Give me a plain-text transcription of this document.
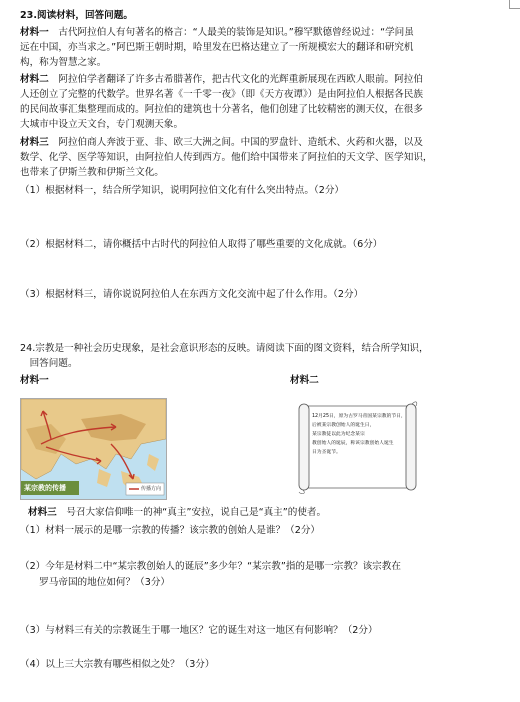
23.阅读材料，回答问题。
材料一　古代阿拉伯人有句著名的格言：“人最美的装饰是知识。”穆罕默德曾经说过：“学问虽
远在中国，亦当求之。”阿巴斯王朝时期，哈里发在巴格达建立了一所规模宏大的翻译和研究机
构，称为智慧之家。
材料二　阿拉伯学者翻译了许多古希腊著作，把古代文化的光辉重新展现在西欧人眼前。阿拉伯
人还创立了完整的代数学。世界名著《一千零一夜》（即《天方夜谭》）是由阿拉伯人根据各民族
的民间故事汇集整理而成的。阿拉伯的建筑也十分著名，他们创建了比较精密的测天仪，在很多
大城市中设立天文台，专门观测天象。
材料三　阿拉伯商人奔波于亚、非、欧三大洲之间。中国的罗盘针、造纸术、火药和火器，以及
数学、化学、医学等知识，由阿拉伯人传到西方。他们给中国带来了阿拉伯的天文学、医学知识，
也带来了伊斯兰教和伊斯兰文化。
（1）根据材料一，结合所学知识，说明阿拉伯文化有什么突出特点。（2分）
（2）根据材料二，请你概括中古时代的阿拉伯人取得了哪些重要的文化成就。（6分）
（3）根据材料三，请你说说阿拉伯人在东西方文化交流中起了什么作用。（2分）
24.宗教是一种社会历史现象，是社会意识形态的反映。请阅读下面的图文资料，结合所学知识，
　回答问题。
材料一	材料二
某宗教的传播	传播方向
12月25日，原为古罗马帝国某宗教的节日，
后被某宗教创始人的诞生日，
某宗教徒以此为纪念某宗
教创始人的诞辰，称该宗教创始人诞生
日为圣诞节。
材料三　号召大家信仰唯一的神“真主”安拉，说自己是“真主”的使者。
（1）材料一展示的是哪一宗教的传播？该宗教的创始人是谁？（2分）
（2）今年是材料二中“某宗教创始人的诞辰”多少年？“某宗教”指的是哪一宗教？该宗教在
　　罗马帝国的地位如何？（3分）
（3）与材料三有关的宗教诞生于哪一地区？它的诞生对这一地区有何影响？（2分）
（4）以上三大宗教有哪些相似之处？（3分）
